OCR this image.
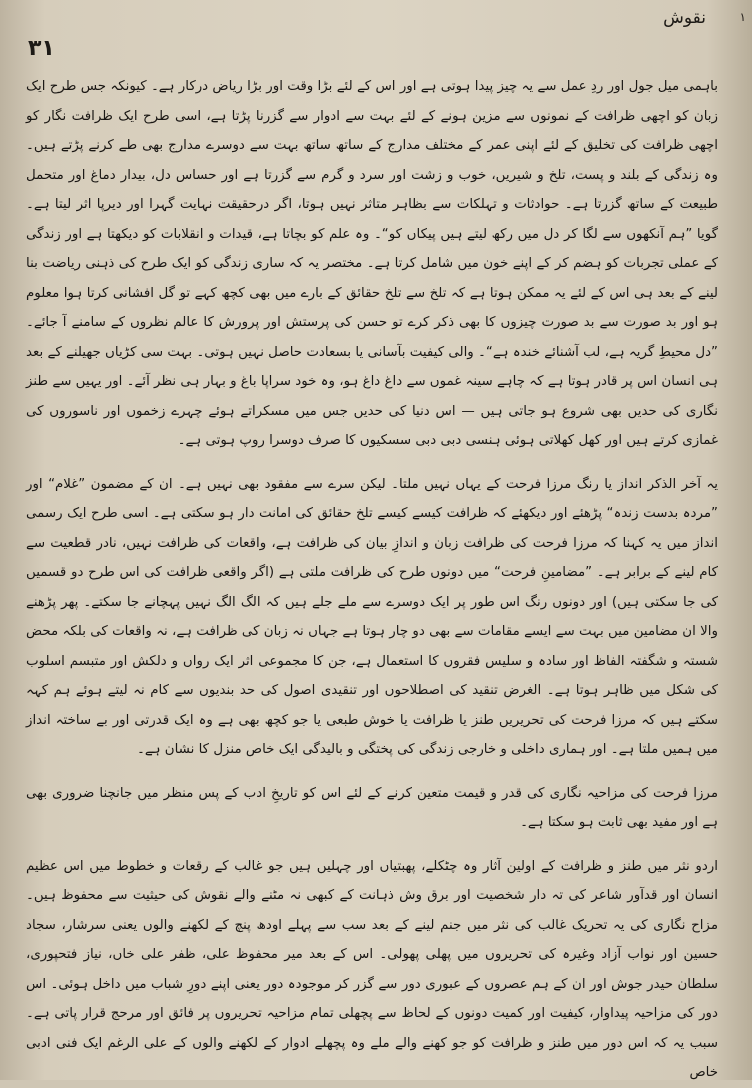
۳۱
نقوش	۱

باہمی میل جول اور ردِ عمل سے یہ چیز پیدا ہوتی ہے اور اس کے لئے بڑا وقت اور بڑا ریاض درکار ہے۔ کیونکہ جس طرح ایک زبان کو اچھی ظرافت کے نمونوں سے مزین ہونے کے لئے بہت سے ادوار سے گزرنا پڑتا ہے، اسی طرح ایک ظرافت نگار کو اچھی ظرافت کی تخلیق کے لئے اپنی عمر کے مختلف مدارج کے ساتھ ساتھ بہت سے دوسرے مدارج بھی طے کرنے پڑتے ہیں۔ وہ زندگی کے بلند و پست، تلخ و شیریں، خوب و زشت اور سرد و گرم سے گزرتا ہے اور حساس دل، بیدار دماغ اور متحمل طبیعت کے ساتھ گزرتا ہے۔ حوادثات و تہلکات سے بظاہر متاثر نہیں ہوتا، اگر درحقیقت نہایت گہرا اور دیرپا اثر لیتا ہے۔ گویا ”ہم آنکھوں سے لگا کر دل میں رکھ لیتے ہیں پیکاں کو“۔ وہ علم کو بچاتا ہے، قیدات و انقلابات کو دیکھتا ہے اور زندگی کے عملی تجربات کو ہضم کر کے اپنے خون میں شامل کرتا ہے۔ مختصر یہ کہ ساری زندگی کو ایک طرح کی ذہنی ریاضت بنا لینے کے بعد ہی اس کے لئے یہ ممکن ہوتا ہے کہ تلخ سے تلخ حقائق کے بارے میں بھی کچھ کہے تو گل افشانی کرتا ہوا معلوم ہو اور بد صورت سے بد صورت چیزوں کا بھی ذکر کرے تو حسن کی پرستش اور پرورش کا عالم نظروں کے سامنے آ جائے۔ ”دل محیطِ گریہ ہے، لب آشنائے خندہ ہے“۔ والی کیفیت بآسانی یا بسعادت حاصل نہیں ہوتی۔ بہت سی کڑیاں جھیلنے کے بعد ہی انسان اس پر قادر ہوتا ہے کہ چاہے سینہ غموں سے داغ داغ ہو، وہ خود سراپا باغ و بہار ہی نظر آئے۔ اور یہیں سے طنز نگاری کی حدیں بھی شروع ہو جاتی ہیں — اس دنیا کی حدیں جس میں مسکراتے ہوئے چہرے زخموں اور ناسوروں کی غمازی کرتے ہیں اور کھل کھلاتی ہوئی ہنسی دبی دبی سسکیوں کا صرف دوسرا روپ ہوتی ہے۔

یہ آخر الذکر انداز یا رنگ مرزا فرحت کے یہاں نہیں ملتا۔ لیکن سرے سے مفقود بھی نہیں ہے۔ ان کے مضمون ”غلام“ اور ”مردہ بدست زندہ“ پڑھئے اور دیکھئے کہ ظرافت کیسے کیسے تلخ حقائق کی امانت دار ہو سکتی ہے۔ اسی طرح ایک رسمی انداز میں یہ کہنا کہ مرزا فرحت کی ظرافت زبان و اندازِ بیان کی ظرافت ہے، واقعات کی ظرافت نہیں، نادر قطعیت سے کام لینے کے برابر ہے۔ ”مضامینِ فرحت“ میں دونوں طرح کی ظرافت ملتی ہے (اگر واقعی ظرافت کی اس طرح دو قسمیں کی جا سکتی ہیں) اور دونوں رنگ اس طور پر ایک دوسرے سے ملے جلے ہیں کہ الگ الگ نہیں پہچانے جا سکتے۔ پھر پڑھنے والا ان مضامین میں بہت سے ایسے مقامات سے بھی دو چار ہوتا ہے جہاں نہ زبان کی ظرافت ہے، نہ واقعات کی بلکہ محض شستہ و شگفتہ الفاظ اور سادہ و سلیس فقروں کا استعمال ہے، جن کا مجموعی اثر ایک رواں و دلکش اور متبسم اسلوب کی شکل میں ظاہر ہوتا ہے۔ الغرض تنقید کی اصطلاحوں اور تنقیدی اصول کی حد بندیوں سے کام نہ لیتے ہوئے ہم کہہ سکتے ہیں کہ مرزا فرحت کی تحریریں طنز یا ظرافت یا خوش طبعی یا جو کچھ بھی ہے وہ ایک قدرتی اور بے ساختہ انداز میں ہمیں ملتا ہے۔ اور ہماری داخلی و خارجی زندگی کی پختگی و بالیدگی ایک خاص منزل کا نشان ہے۔

مرزا فرحت کی مزاحیہ نگاری کی قدر و قیمت متعین کرنے کے لئے اس کو تاریخِ ادب کے پس منظر میں جانچنا ضروری بھی ہے اور مفید بھی ثابت ہو سکتا ہے۔

اردو نثر میں طنز و ظرافت کے اولین آثار وہ چٹکلے، پھبتیاں اور چہلیں ہیں جو غالب کے رقعات و خطوط میں اس عظیم انسان اور قدآور شاعر کی تہ دار شخصیت اور برق وش ذہانت کے کبھی نہ مٹنے والے نقوش کی حیثیت سے محفوظ ہیں۔ مزاح نگاری کی یہ تحریک غالب کی نثر میں جنم لینے کے بعد سب سے پہلے اودھ پنچ کے لکھنے والوں یعنی سرشار، سجاد حسین اور نواب آزاد وغیرہ کی تحریروں میں پھلی پھولی۔ اس کے بعد میر محفوظ علی، ظفر علی خاں، نیاز فتحپوری، سلطان حیدر جوش اور ان کے ہم عصروں کے عبوری دور سے گزر کر موجودہ دور یعنی اپنے دورِ شباب میں داخل ہوئی۔ اس دور کی مزاحیہ پیداوار، کیفیت اور کمیت دونوں کے لحاظ سے پچھلی تمام مزاحیہ تحریروں پر فائق اور مرحج قرار پاتی ہے۔ سبب یہ کہ اس دور میں طنز و ظرافت کو جو کھنے والے ملے وہ پچھلے ادوار کے لکھنے والوں کے علی الرغم ایک فنی ادبی خاص
